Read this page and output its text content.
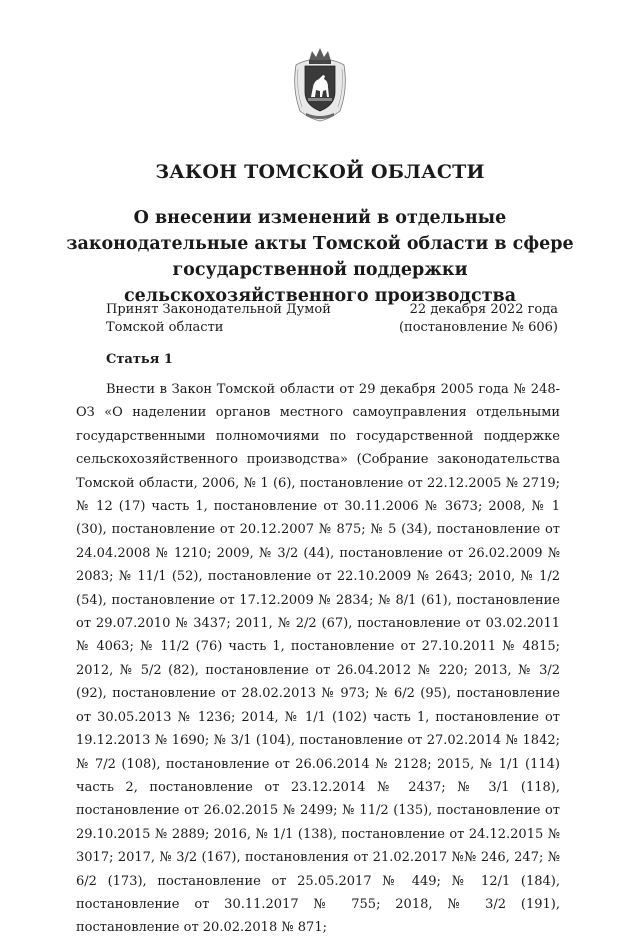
ЗАКОН ТОМСКОЙ ОБЛАСТИ
О внесении изменений в отдельные законодательные акты Томской области в сфере государственной поддержки сельскохозяйственного производства
Принят Законодательной Думой
Томской области
22 декабря 2022 года
(постановление № 606)
Статья 1

Внести в Закон Томской области от 29 декабря 2005 года № 248-ОЗ «О наделении органов местного самоуправления отдельными государственными полномочиями по государственной поддержке сельскохозяйственного производства» (Собрание законодательства Томской области, 2006, № 1 (6), постановление от 22.12.2005 № 2719; № 12 (17) часть 1, постановление от 30.11.2006 № 3673; 2008, № 1 (30), постановление от 20.12.2007 № 875; № 5 (34), постановление от 24.04.2008 № 1210; 2009, № 3/2 (44), постановление от 26.02.2009 № 2083; № 11/1 (52), постановление от 22.10.2009 № 2643; 2010, № 1/2 (54), постановление от 17.12.2009 № 2834; № 8/1 (61), постановление от 29.07.2010 № 3437; 2011, № 2/2 (67), постановление от 03.02.2011 № 4063; № 11/2 (76) часть 1, постановление от 27.10.2011 № 4815; 2012, № 5/2 (82), постановление от 26.04.2012 № 220; 2013, № 3/2 (92), постановление от 28.02.2013 № 973; № 6/2 (95), постановление от 30.05.2013 № 1236; 2014, № 1/1 (102) часть 1, постановление от 19.12.2013 № 1690; № 3/1 (104), постановление от 27.02.2014 № 1842; № 7/2 (108), постановление от 26.06.2014 № 2128; 2015, № 1/1 (114) часть 2, постановление от 23.12.2014 № 2437; № 3/1 (118), постановление от 26.02.2015 № 2499; № 11/2 (135), постановление от 29.10.2015 № 2889; 2016, № 1/1 (138), постановление от 24.12.2015 № 3017; 2017, № 3/2 (167), постановления от 21.02.2017 №№ 246, 247; № 6/2 (173), постановление от 25.05.2017 № 449; № 12/1 (184), постановление от 30.11.2017 № 755; 2018, № 3/2 (191), постановление от 20.02.2018 № 871;
